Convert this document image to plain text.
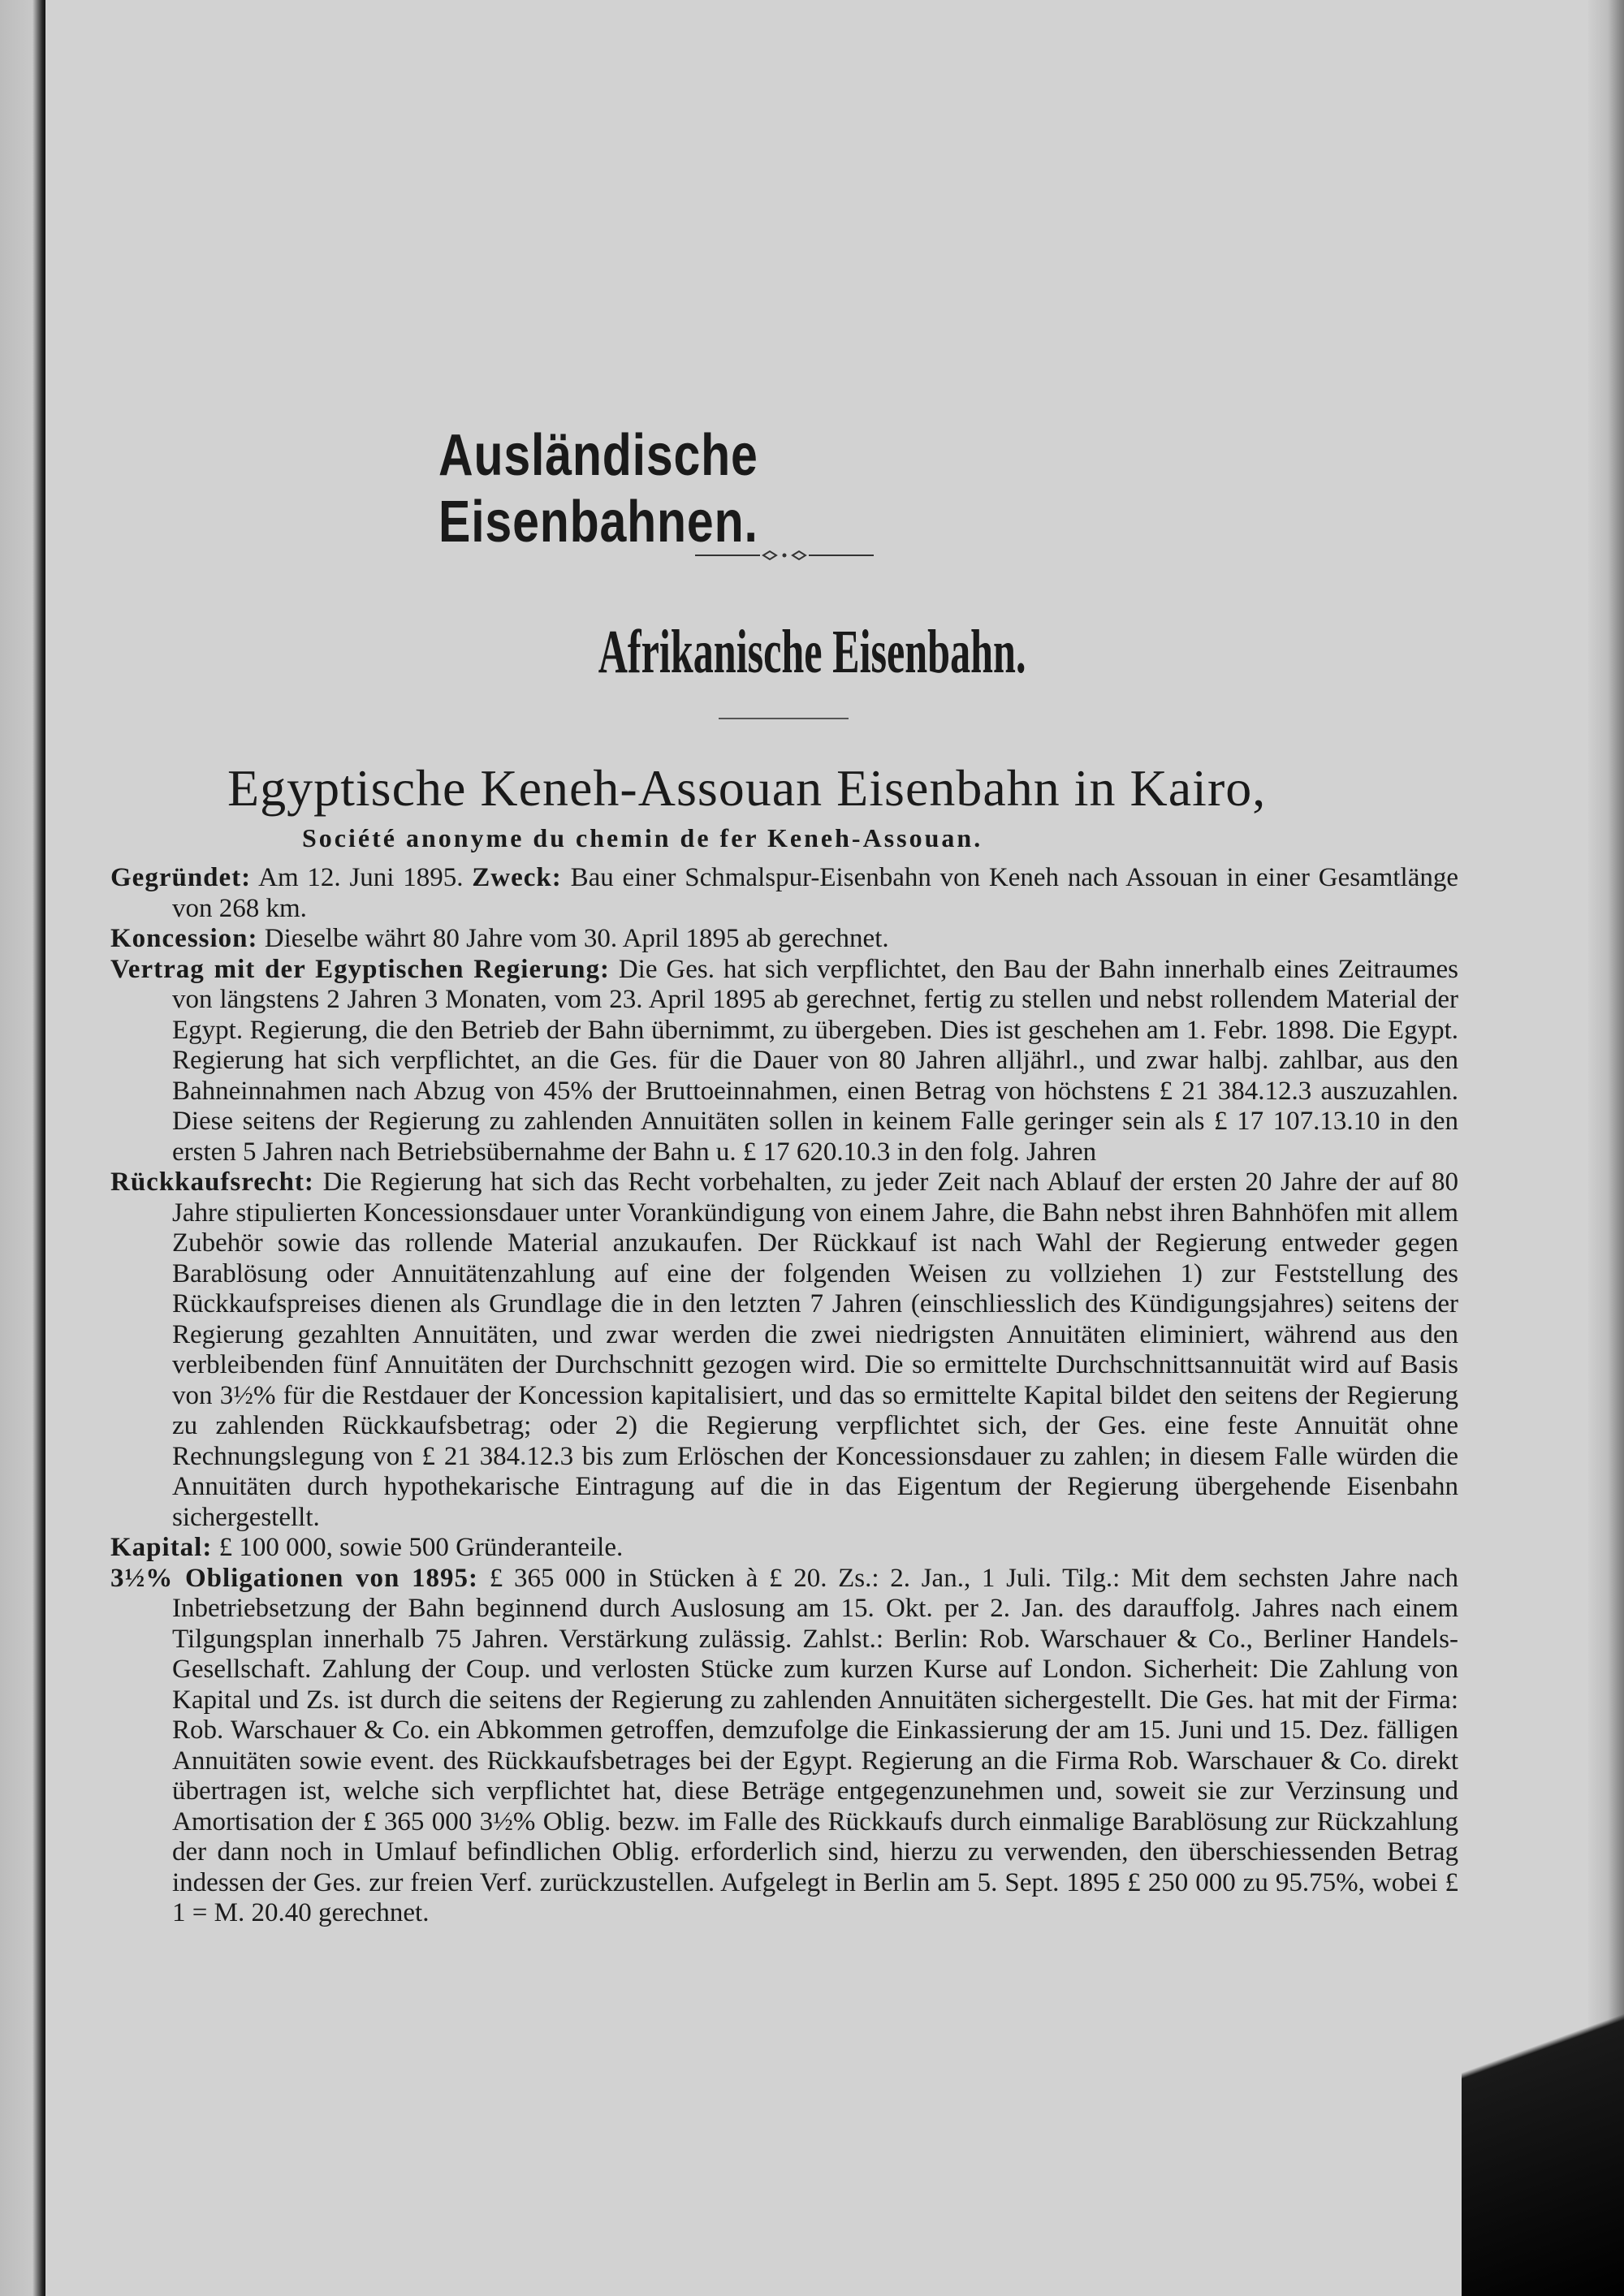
Ausländische Eisenbahnen.
Afrikanische Eisenbahn.
Egyptische Keneh-Assouan Eisenbahn in Kairo,
Société anonyme du chemin de fer Keneh-Assouan.

Gegründet: Am 12. Juni 1895. Zweck: Bau einer Schmalspur-Eisenbahn von Keneh nach Assouan in einer Gesamtlänge von 268 km.

Koncession: Dieselbe währt 80 Jahre vom 30. April 1895 ab gerechnet.

Vertrag mit der Egyptischen Regierung: Die Ges. hat sich verpflichtet, den Bau der Bahn innerhalb eines Zeitraumes von längstens 2 Jahren 3 Monaten, vom 23. April 1895 ab gerechnet, fertig zu stellen und nebst rollendem Material der Egypt. Regierung, die den Betrieb der Bahn übernimmt, zu übergeben. Dies ist geschehen am 1. Febr. 1898. Die Egypt. Regierung hat sich verpflichtet, an die Ges. für die Dauer von 80 Jahren alljährl., und zwar halbj. zahlbar, aus den Bahneinnahmen nach Abzug von 45% der Bruttoeinnahmen, einen Betrag von höchstens £ 21 384.12.3 auszuzahlen. Diese seitens der Regierung zu zahlenden Annuitäten sollen in keinem Falle geringer sein als £ 17 107.13.10 in den ersten 5 Jahren nach Betriebsübernahme der Bahn u. £ 17 620.10.3 in den folg. Jahren

Rückkaufsrecht: Die Regierung hat sich das Recht vorbehalten, zu jeder Zeit nach Ablauf der ersten 20 Jahre der auf 80 Jahre stipulierten Koncessionsdauer unter Vorankündigung von einem Jahre, die Bahn nebst ihren Bahnhöfen mit allem Zubehör sowie das rollende Material anzukaufen. Der Rückkauf ist nach Wahl der Regierung entweder gegen Barablösung oder Annuitätenzahlung auf eine der folgenden Weisen zu vollziehen 1) zur Feststellung des Rückkaufspreises dienen als Grundlage die in den letzten 7 Jahren (einschliesslich des Kündigungsjahres) seitens der Regierung gezahlten Annuitäten, und zwar werden die zwei niedrigsten Annuitäten eliminiert, während aus den verbleibenden fünf Annuitäten der Durchschnitt gezogen wird. Die so ermittelte Durchschnittsannuität wird auf Basis von 3½% für die Restdauer der Koncession kapitalisiert, und das so ermittelte Kapital bildet den seitens der Regierung zu zahlenden Rückkaufsbetrag; oder 2) die Regierung verpflichtet sich, der Ges. eine feste Annuität ohne Rechnungslegung von £ 21 384.12.3 bis zum Erlöschen der Koncessionsdauer zu zahlen; in diesem Falle würden die Annuitäten durch hypothekarische Eintragung auf die in das Eigentum der Regierung übergehende Eisenbahn sichergestellt.

Kapital: £ 100 000, sowie 500 Gründeranteile.

3½% Obligationen von 1895: £ 365 000 in Stücken à £ 20. Zs.: 2. Jan., 1 Juli. Tilg.: Mit dem sechsten Jahre nach Inbetriebsetzung der Bahn beginnend durch Auslosung am 15. Okt. per 2. Jan. des darauffolg. Jahres nach einem Tilgungsplan innerhalb 75 Jahren. Verstärkung zulässig. Zahlst.: Berlin: Rob. Warschauer & Co., Berliner Handels-Gesellschaft. Zahlung der Coup. und verlosten Stücke zum kurzen Kurse auf London. Sicherheit: Die Zahlung von Kapital und Zs. ist durch die seitens der Regierung zu zahlenden Annuitäten sichergestellt. Die Ges. hat mit der Firma: Rob. Warschauer & Co. ein Abkommen getroffen, demzufolge die Einkassierung der am 15. Juni und 15. Dez. fälligen Annuitäten sowie event. des Rückkaufsbetrages bei der Egypt. Regierung an die Firma Rob. Warschauer & Co. direkt übertragen ist, welche sich verpflichtet hat, diese Beträge entgegenzunehmen und, soweit sie zur Verzinsung und Amortisation der £ 365 000 3½% Oblig. bezw. im Falle des Rückkaufs durch einmalige Barablösung zur Rückzahlung der dann noch in Umlauf befindlichen Oblig. erforderlich sind, hierzu zu verwenden, den überschiessenden Betrag indessen der Ges. zur freien Verf. zurückzustellen. Aufgelegt in Berlin am 5. Sept. 1895 £ 250 000 zu 95.75%, wobei £ 1 = M. 20.40 gerechnet.
